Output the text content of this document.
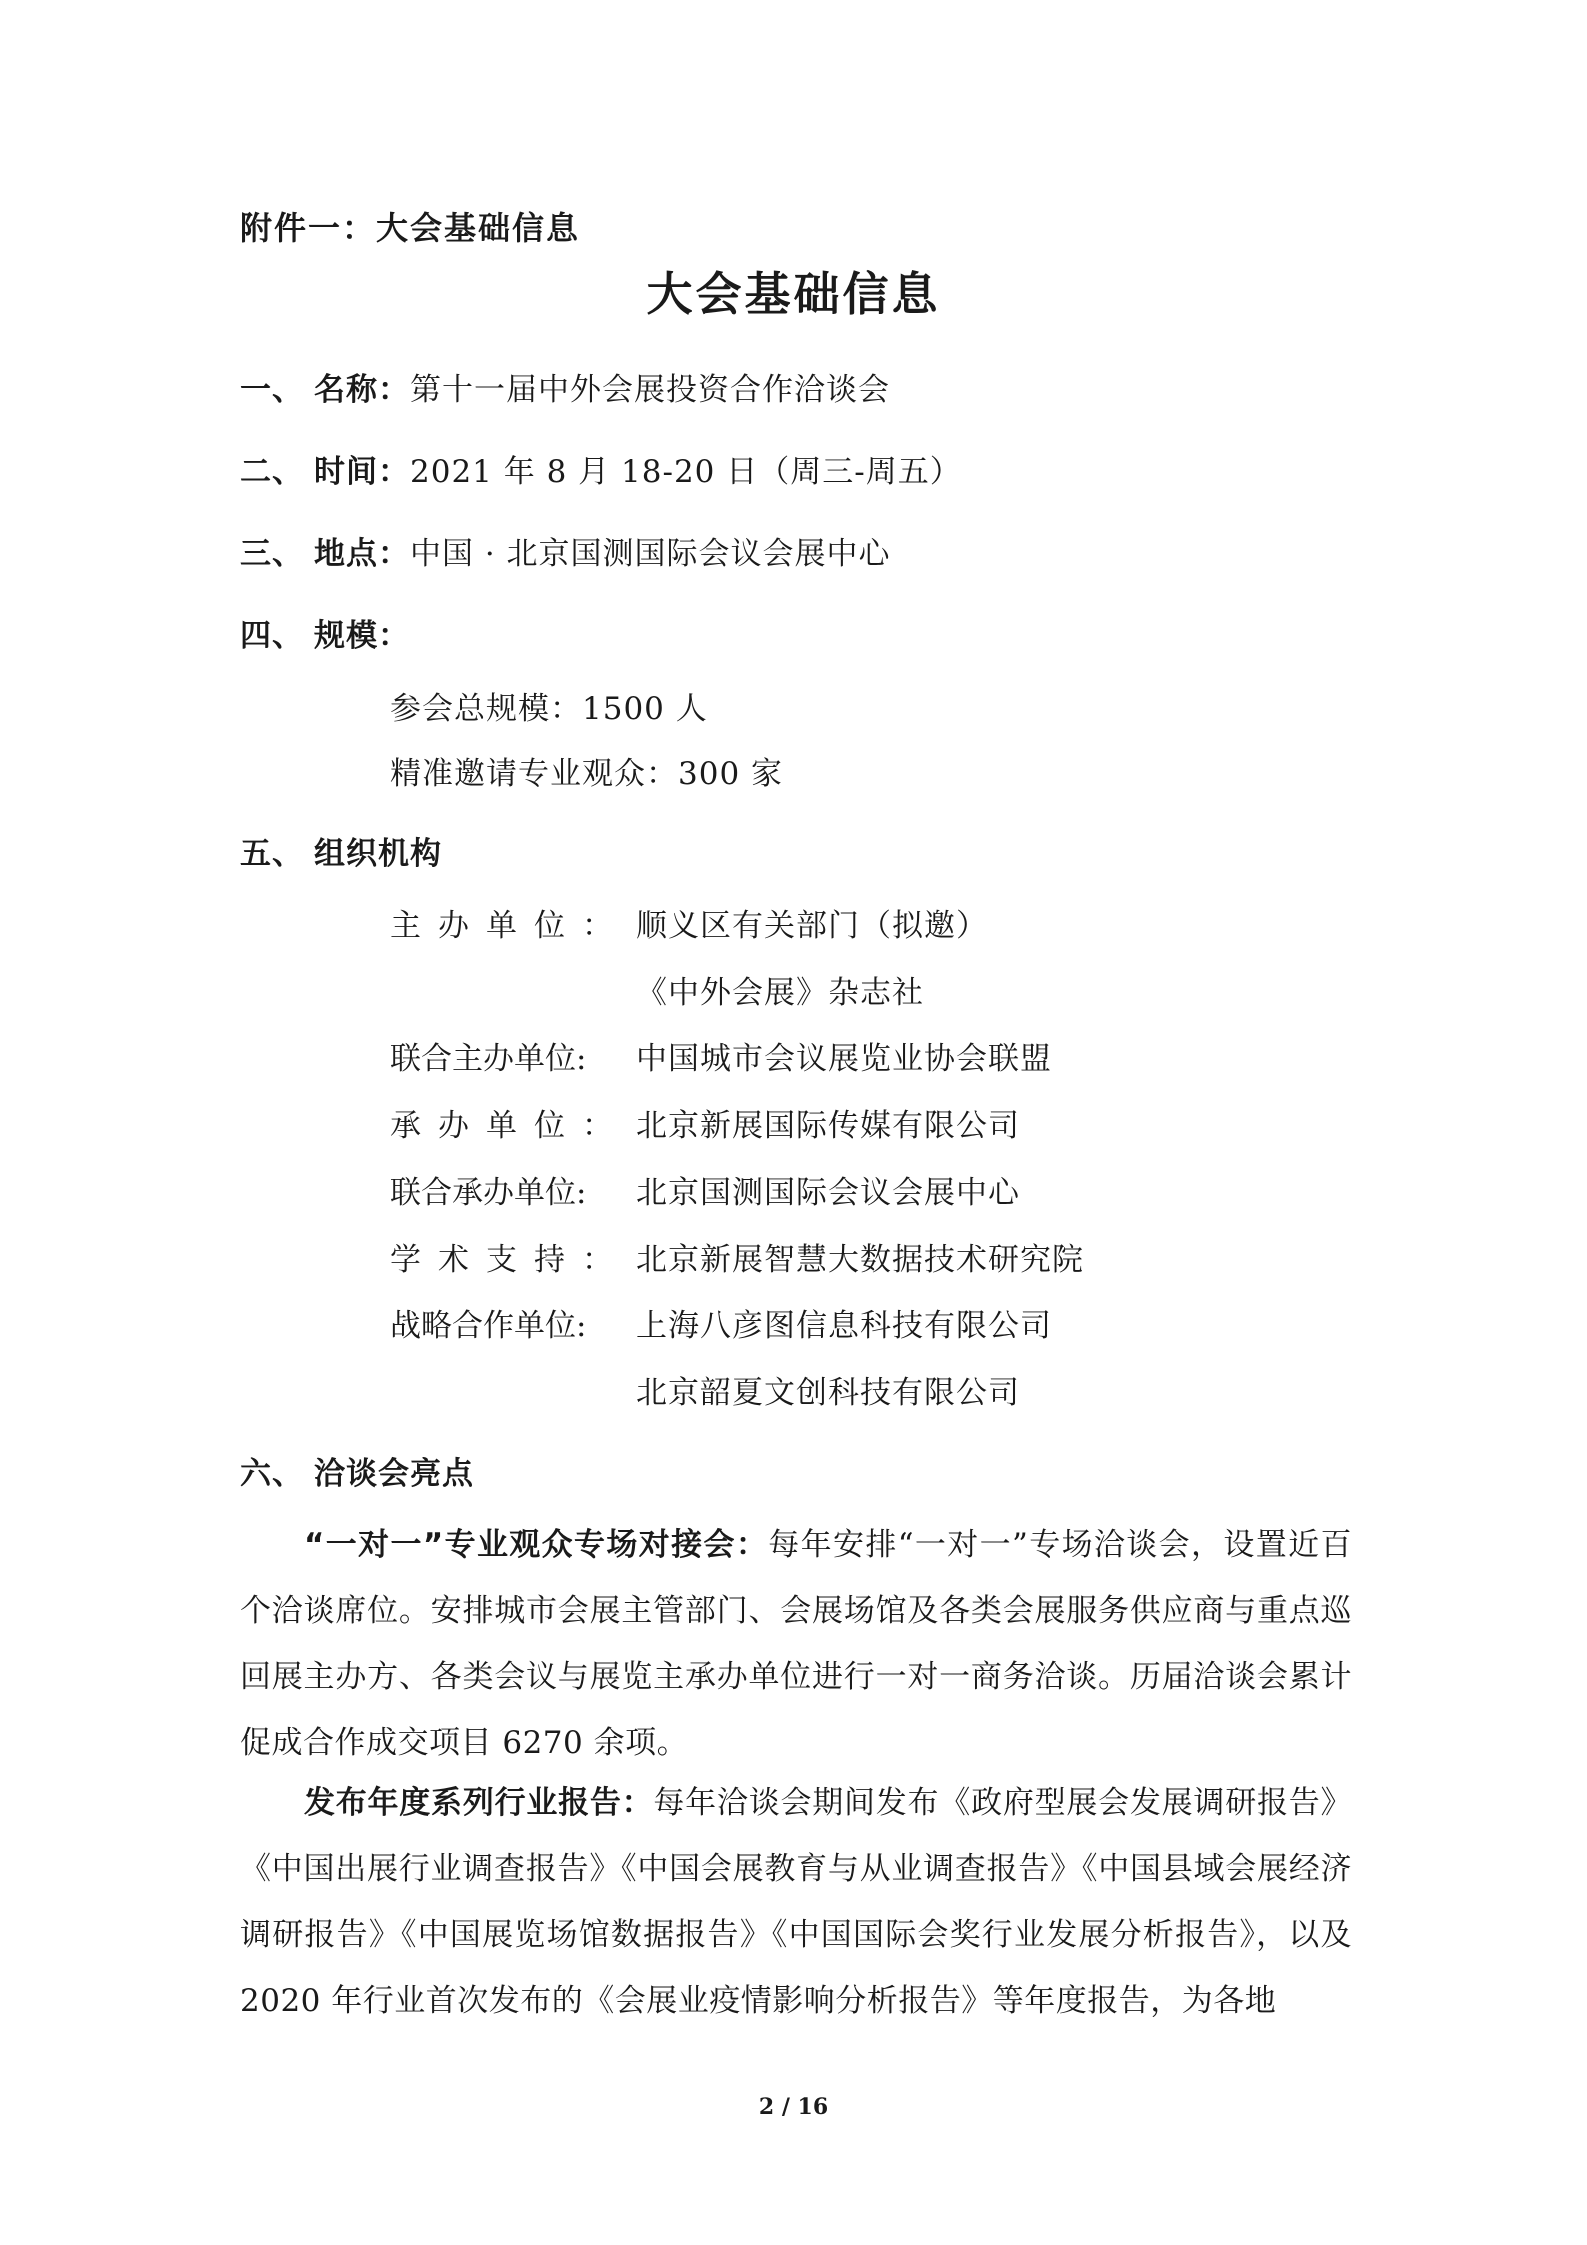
附件一：大会基础信息
大会基础信息
一、 名称：第十一届中外会展投资合作洽谈会
二、 时间：2021 年 8 月 18-20 日（周三-周五）
三、 地点：中国 · 北京国测国际会议会展中心
四、 规模：
参会总规模：1500 人
精准邀请专业观众：300 家
五、 组织机构
主办单位： 顺义区有关部门（拟邀）
《中外会展》杂志社
联合主办单位:	中国城市会议展览业协会联盟
承办单位： 北京新展国际传媒有限公司
联合承办单位:	北京国测国际会议会展中心
学术支持： 北京新展智慧大数据技术研究院
战略合作单位:	上海八彦图信息科技有限公司
北京韶夏文创科技有限公司
六、 洽谈会亮点
“一对一”专业观众专场对接会：每年安排“一对一”专场洽谈会，设置近百个洽谈席位。安排城市会展主管部门、会展场馆及各类会展服务供应商与重点巡回展主办方、各类会议与展览主承办单位进行一对一商务洽谈。历届洽谈会累计促成合作成交项目 6270 余项。
发布年度系列行业报告：每年洽谈会期间发布《政府型展会发展调研报告》《中国出展行业调查报告》《中国会展教育与从业调查报告》《中国县域会展经济调研报告》《中国展览场馆数据报告》《中国国际会奖行业发展分析报告》，以及 2020 年行业首次发布的《会展业疫情影响分析报告》等年度报告，为各地
2 / 16
